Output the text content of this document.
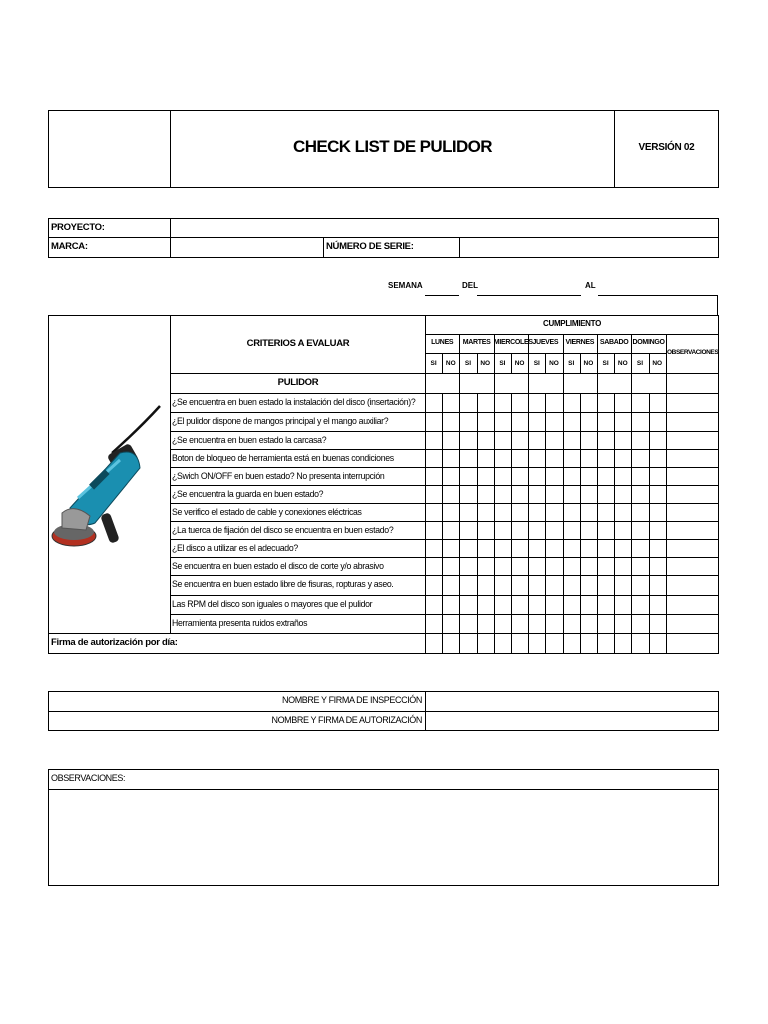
CHECK LIST DE PULIDOR	VERSIÓN 02
PROYECTO:
MARCA:	NÚMERO DE SERIE:
SEMANA	DEL	AL
CRITERIOS A EVALUAR
CUMPLIMIENTO
OBSERVACIONES
PULIDOR
LUNES
SI	NO
MARTES
SI	NO
MIERCOLES
SI	NO
JUEVES
SI	NO
VIERNES
SI	NO
SABADO
SI	NO
DOMINGO
SI	NO
¿Se encuentra en buen estado la instalación del disco (insertación)?
¿El pulidor dispone de mangos principal y el mango auxiliar?
¿Se encuentra en buen estado la carcasa?
Boton de bloqueo de herramienta está en buenas condiciones
¿Swich ON/OFF en buen estado? No presenta interrupción
¿Se encuentra la guarda en buen estado?
Se verifico el estado de cable y conexiones eléctricas
¿La tuerca de fijación del disco se encuentra en buen estado?
¿El disco a utilizar es el adecuado?
Se encuentra en buen estado el disco de corte y/o abrasivo
Se encuentra en buen estado libre de fisuras, ropturas y aseo.
Las RPM del disco son iguales o mayores que el pulidor
Herramienta presenta ruidos extraños
Firma de autorización por día:
NOMBRE Y FIRMA DE INSPECCIÓN
NOMBRE Y FIRMA DE AUTORIZACIÓN
OBSERVACIONES:
